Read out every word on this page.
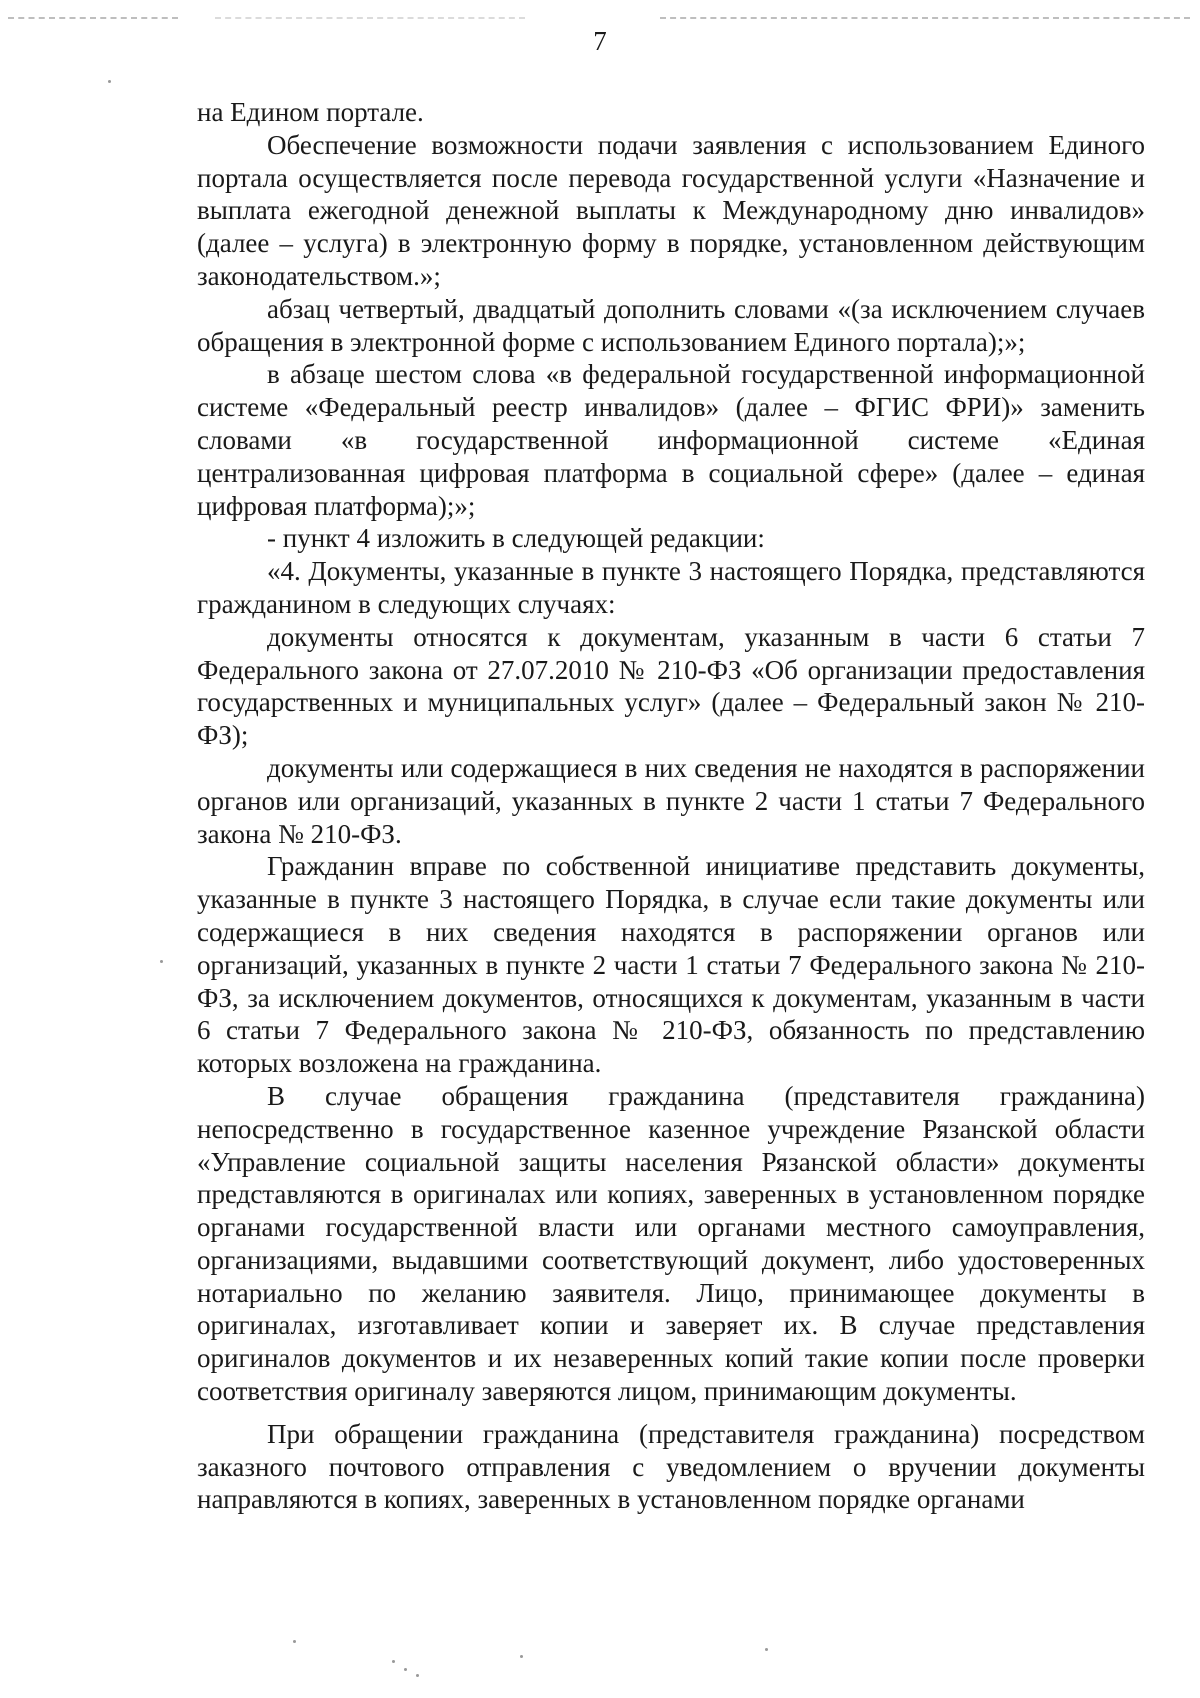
7

на Едином портале.

Обеспечение возможности подачи заявления с использованием Единого портала осуществляется после перевода государственной услуги «Назначение и выплата ежегодной денежной выплаты к Международному дню инвалидов» (далее – услуга) в электронную форму в порядке, установленном действующим законодательством.»;

абзац четвертый, двадцатый дополнить словами «(за исключением случаев обращения в электронной форме с использованием Единого портала);»;

в абзаце шестом слова «в федеральной государственной информационной системе «Федеральный реестр инвалидов» (далее – ФГИС ФРИ)» заменить словами «в государственной информационной системе «Единая централизованная цифровая платформа в социальной сфере» (далее – единая цифровая платформа);»;

- пункт 4 изложить в следующей редакции:

«4. Документы, указанные в пункте 3 настоящего Порядка, представляются гражданином в следующих случаях:

документы относятся к документам, указанным в части 6 статьи 7 Федерального закона от 27.07.2010 № 210-ФЗ «Об организации предоставления государственных и муниципальных услуг» (далее – Федеральный закон № 210-ФЗ);

документы или содержащиеся в них сведения не находятся в распоряжении органов или организаций, указанных в пункте 2 части 1 статьи 7 Федерального закона № 210-ФЗ.

Гражданин вправе по собственной инициативе представить документы, указанные в пункте 3 настоящего Порядка, в случае если такие документы или содержащиеся в них сведения находятся в распоряжении органов или организаций, указанных в пункте 2 части 1 статьи 7 Федерального закона № 210-ФЗ, за исключением документов, относящихся к документам, указанным в части 6 статьи 7 Федерального закона № 210-ФЗ, обязанность по представлению которых возложена на гражданина.

В случае обращения гражданина (представителя гражданина) непосредственно в государственное казенное учреждение Рязанской области «Управление социальной защиты населения Рязанской области» документы представляются в оригиналах или копиях, заверенных в установленном порядке органами государственной власти или органами местного самоуправления, организациями, выдавшими соответствующий документ, либо удостоверенных нотариально по желанию заявителя. Лицо, принимающее документы в оригиналах, изготавливает копии и заверяет их. В случае представления оригиналов документов и их незаверенных копий такие копии после проверки соответствия оригиналу заверяются лицом, принимающим документы.

При обращении гражданина (представителя гражданина) посредством заказного почтового отправления с уведомлением о вручении документы направляются в копиях, заверенных в установленном порядке органами
